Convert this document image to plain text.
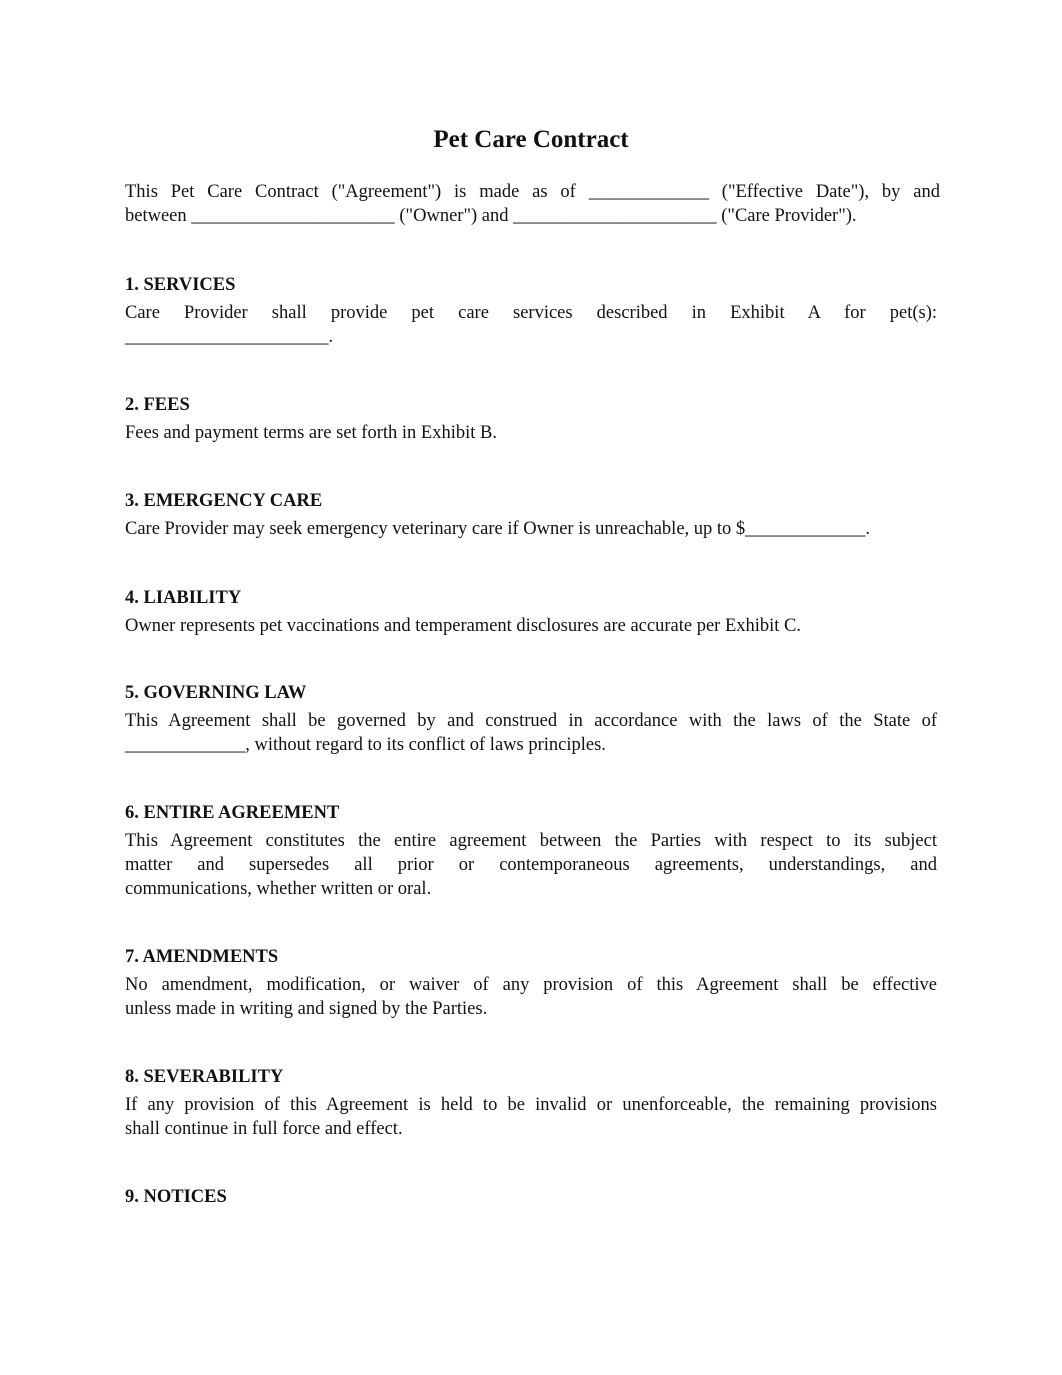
Pet Care Contract
This Pet Care Contract ("Agreement") is made as of _____________ ("Effective Date"), by and
between ______________________ ("Owner") and ______________________ ("Care Provider").
1. SERVICES
Care Provider shall provide pet care services described in Exhibit A for pet(s):
______________________.
2. FEES
Fees and payment terms are set forth in Exhibit B.
3. EMERGENCY CARE
Care Provider may seek emergency veterinary care if Owner is unreachable, up to $_____________.
4. LIABILITY
Owner represents pet vaccinations and temperament disclosures are accurate per Exhibit C.
5. GOVERNING LAW
This Agreement shall be governed by and construed in accordance with the laws of the State of
_____________, without regard to its conflict of laws principles.
6. ENTIRE AGREEMENT
This Agreement constitutes the entire agreement between the Parties with respect to its subject
matter and supersedes all prior or contemporaneous agreements, understandings, and
communications, whether written or oral.
7. AMENDMENTS
No amendment, modification, or waiver of any provision of this Agreement shall be effective
unless made in writing and signed by the Parties.
8. SEVERABILITY
If any provision of this Agreement is held to be invalid or unenforceable, the remaining provisions
shall continue in full force and effect.
9. NOTICES
